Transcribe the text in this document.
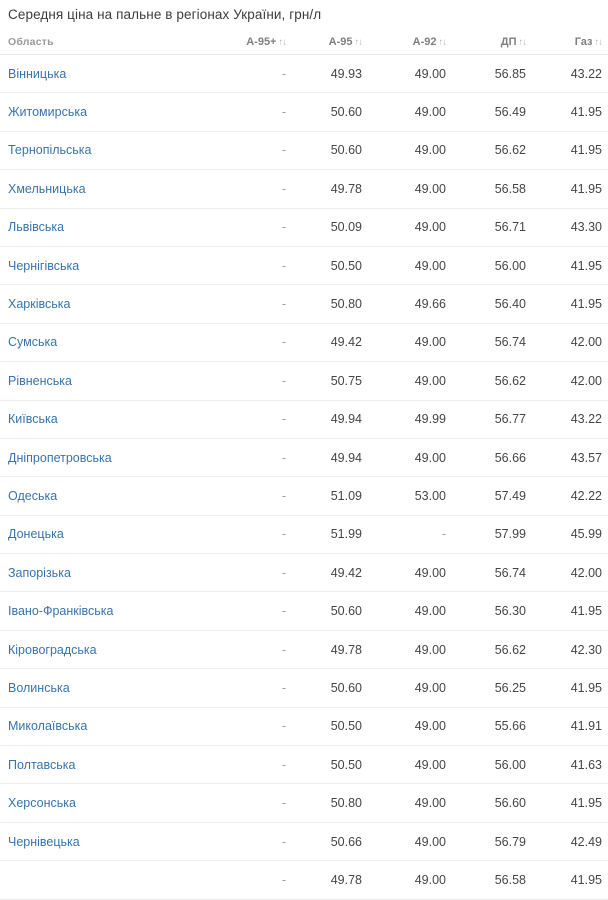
Середня ціна на пальне в регіонах України, грн/л
Область	А-95+ ↑↓	А-95 ↑↓	А-92 ↑↓	ДП ↑↓	Газ ↑↓
Вінницька	-	49.93	49.00	56.85	43.22
Житомирська	-	50.60	49.00	56.49	41.95
Тернопільська	-	50.60	49.00	56.62	41.95
Хмельницька	-	49.78	49.00	56.58	41.95
Львівська	-	50.09	49.00	56.71	43.30
Чернігівська	-	50.50	49.00	56.00	41.95
Харківська	-	50.80	49.66	56.40	41.95
Сумська	-	49.42	49.00	56.74	42.00
Рівненська	-	50.75	49.00	56.62	42.00
Київська	-	49.94	49.99	56.77	43.22
Дніпропетровська	-	49.94	49.00	56.66	43.57
Одеська	-	51.09	53.00	57.49	42.22
Донецька	-	51.99	-	57.99	45.99
Запорізька	-	49.42	49.00	56.74	42.00
Івано-Франківська	-	50.60	49.00	56.30	41.95
Кіровоградська	-	49.78	49.00	56.62	42.30
Волинська	-	50.60	49.00	56.25	41.95
Миколаївська	-	50.50	49.00	55.66	41.91
Полтавська	-	50.50	49.00	56.00	41.63
Херсонська	-	50.80	49.00	56.60	41.95
Чернівецька	-	50.66	49.00	56.79	42.49
	-	49.78	49.00	56.58	41.95
